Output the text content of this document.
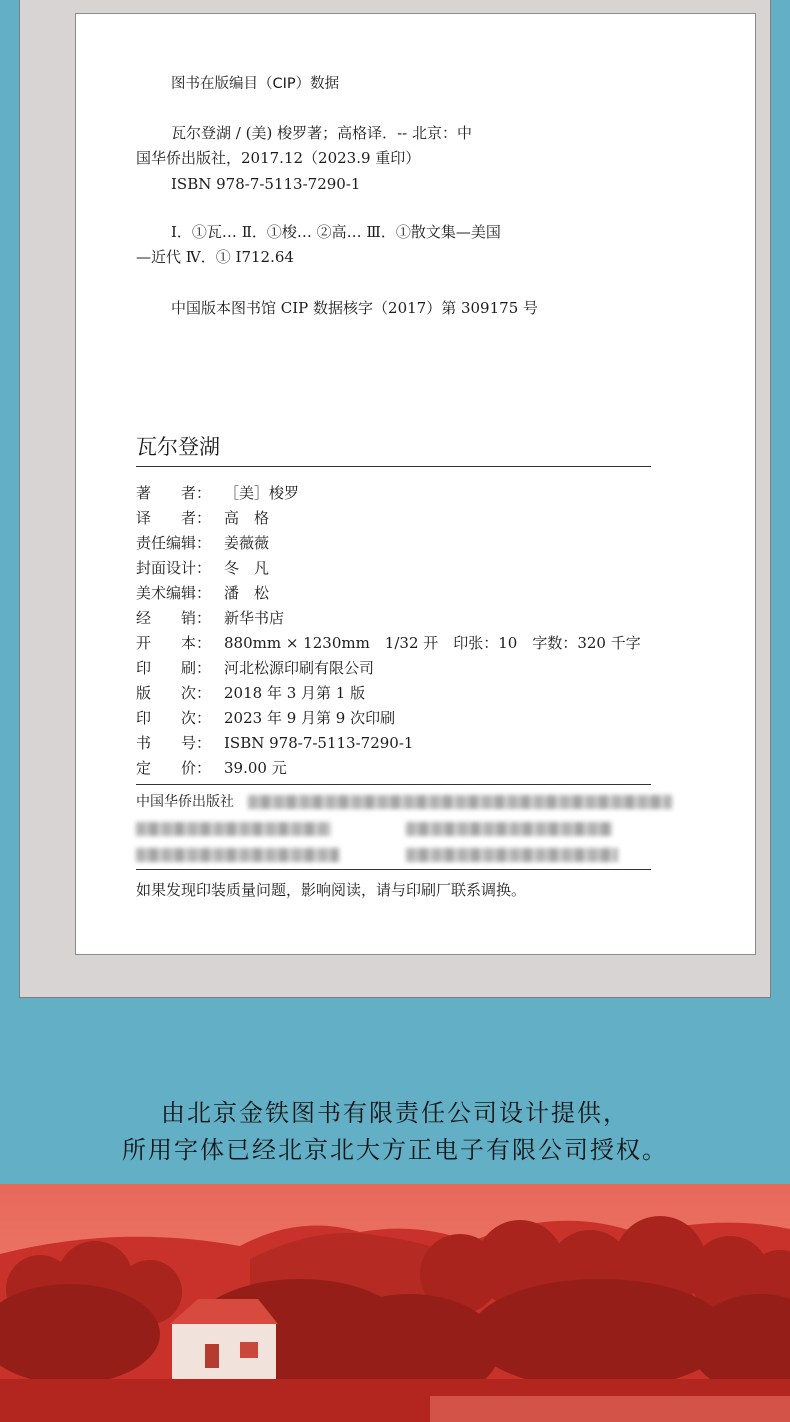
图书在版编目（CIP）数据
瓦尔登湖 / (美) 梭罗著；高格译．-- 北京：中
国华侨出版社，2017.12（2023.9 重印）
ISBN 978-7-5113-7290-1
Ⅰ．①瓦… Ⅱ．①梭… ②高… Ⅲ．①散文集—美国
—近代 Ⅳ．① I712.64
中国版本图书馆 CIP 数据核字（2017）第 309175 号
瓦尔登湖
著　　者： ［美］梭罗
译　　者： 高　格
责任编辑： 姜薇薇
封面设计： 冬　凡
美术编辑： 潘　松
经　　销： 新华书店
开　　本： 880mm × 1230mm　1/32 开　印张：10　字数：320 千字
印　　刷： 河北松源印刷有限公司
版　　次： 2018 年 3 月第 1 版
印　　次： 2023 年 9 月第 9 次印刷
书　　号： ISBN 978-7-5113-7290-1
定　　价： 39.00 元
中国华侨出版社
如果发现印装质量问题，影响阅读，请与印刷厂联系调换。
由北京金铁图书有限责任公司设计提供，
所用字体已经北京北大方正电子有限公司授权。
